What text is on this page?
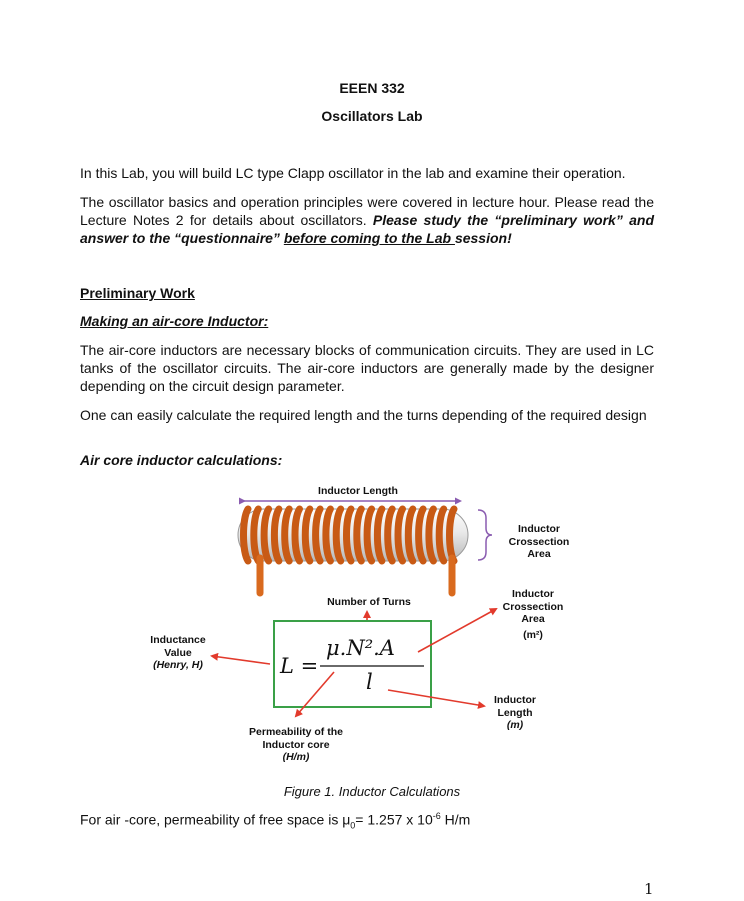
EEEN 332
Oscillators Lab
In this Lab, you will build LC type Clapp oscillator in the lab and examine their operation.
The oscillator basics and operation principles were covered in lecture hour. Please read the Lecture Notes 2 for details about oscillators. Please study the “preliminary work” and answer to the “questionnaire” before coming to the Lab session!
Preliminary Work
Making an air-core Inductor:
The air-core inductors are necessary blocks of communication circuits. They are used in LC tanks of the oscillator circuits. The air-core inductors are generally made by the designer depending on the circuit design parameter.
One can easily calculate the required length and the turns depending of the required design
Air core inductor calculations:
Inductor Length
Inductor
Crossection
Area
Number of Turns
Inductor
Crossection
Area
(m²)
Inductance
Value
(Henry, H)
Inductor
Length
(m)
Permeability of the
Inductor core
(H/m)
L =
μ.N².A
l
Figure 1. Inductor Calculations
For air -core, permeability of free space is $\mu_0= 1.257$ x $10^{-6}$ H/m
1
